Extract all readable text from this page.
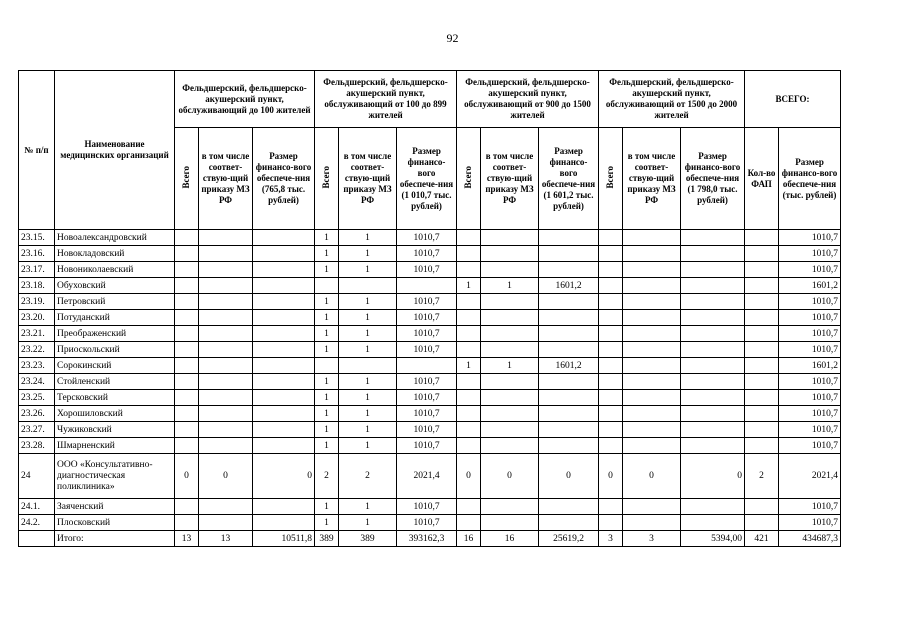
92
№ п/п	Наименование медицинских организаций	Фельдшерский, фельдшерско-акушерский пункт, обслуживающий до 100 жителей			Фельдшерский, фельдшерско-акушерский пункт, обслуживающий от 100 до 899 жителей			Фельдшерский, фельдшерско-акушерский пункт, обслуживающий от 900 до 1500 жителей			Фельдшерский, фельдшерско-акушерский пункт, обслуживающий от 1500 до 2000 жителей			ВСЕГО:	
		Всего	в том числе соответ-ствую-щий приказу МЗ РФ	Размер финансо-вого обеспече-ния (765,8 тыс. рублей)	Всего	в том числе соответ-ствую-щий приказу МЗ РФ	Размер финансо-вого обеспече-ния (1 010,7 тыс. рублей)	Всего	в том числе соответ-ствую-щий приказу МЗ РФ	Размер финансо-вого обеспече-ния (1 601,2 тыс. рублей)	Всего	в том числе соответ-ствую-щий приказу МЗ РФ	Размер финансо-вого обеспече-ния (1 798,0 тыс. рублей)	Кол-во ФАП	Размер финансо-вого обеспече-ния (тыс. рублей)
23.15.	Новоалександровский				1	1	1010,7								1010,7
23.16.	Новокладовский				1	1	1010,7								1010,7
23.17.	Новониколаевский				1	1	1010,7								1010,7
23.18.	Обуховский							1	1	1601,2					1601,2
23.19.	Петровский				1	1	1010,7								1010,7
23.20.	Потуданский				1	1	1010,7								1010,7
23.21.	Преображенский				1	1	1010,7								1010,7
23.22.	Приоскольский				1	1	1010,7								1010,7
23.23.	Сорокинский							1	1	1601,2					1601,2
23.24.	Стойленский				1	1	1010,7								1010,7
23.25.	Терсковский				1	1	1010,7								1010,7
23.26.	Хорошиловский				1	1	1010,7								1010,7
23.27.	Чужиковский				1	1	1010,7								1010,7
23.28.	Шмарненский				1	1	1010,7								1010,7
24	ООО «Консультативно-диагностическая поликлиника»	0	0	0	2	2	2021,4	0	0	0	0	0	0	2	2021,4
24.1.	Заяченский				1	1	1010,7								1010,7
24.2.	Плосковский				1	1	1010,7								1010,7
	Итого:	13	13	10511,8	389	389	393162,3	16	16	25619,2	3	3	5394,00	421	434687,3
